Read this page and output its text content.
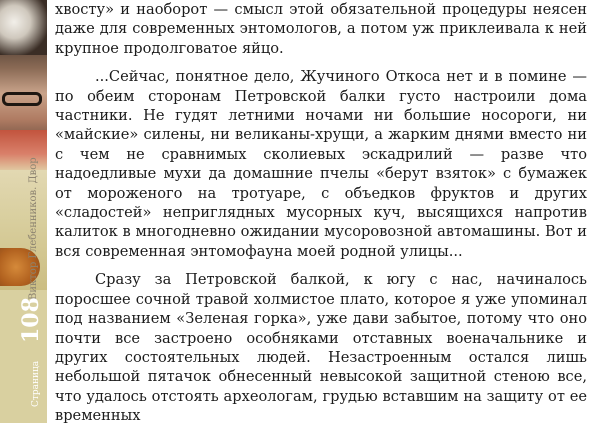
Виктор Глебенников. Двор
108
Страница

хвосту» и наоборот — смысл этой обязательной процедуры неясен даже для современных энтомологов, а потом уж приклеивала к ней крупное продолговатое яйцо.

...Сейчас, понятное дело, Жучиного Откоса нет и в помине — по обеим сторонам Петровской балки густо настроили дома частники. Не гудят летними ночами ни большие носороги, ни «майские» силены, ни великаны-хрущи, а жарким днями вместо ни с чем не сравнимых сколиевых эскадрилий — разве что надоедливые мухи да домашние пчелы «берут взяток» с бумажек от мороженого на тротуаре, с объедков фруктов и других «сладостей» неприглядных мусорных куч, высящихся напротив калиток в многодневно ожидании мусоровозной автомашины. Вот и вся современная энтомофауна моей родной улицы...

Сразу за Петровской балкой, к югу с нас, начиналось поросшее сочной травой холмистое плато, которое я уже упоминал под названием «Зеленая горка», уже дави забытое, потому что оно почти все застроено особняками отставных военачальнике и других состоятельных людей. Незастроенным остался лишь небольшой пятачок обнесенный невысокой защитной стеною все, что удалось отстоять археологам, грудью вставшим на защиту от ее временных
